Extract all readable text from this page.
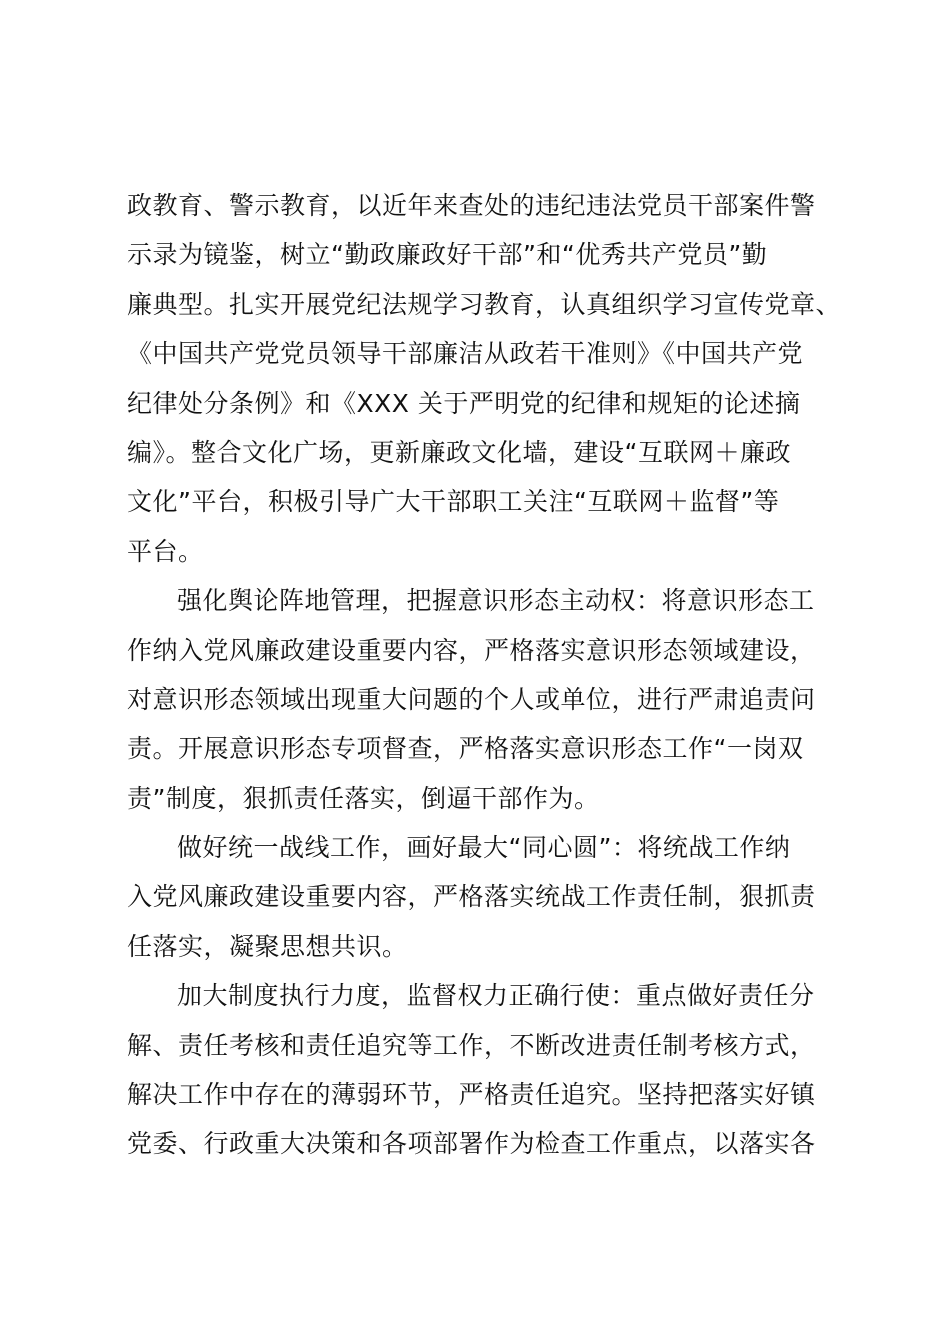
政教育、警示教育，以近年来查处的违纪违法党员干部案件警
示录为镜鉴，树立“勤政廉政好干部”和“优秀共产党员”勤
廉典型。扎实开展党纪法规学习教育，认真组织学习宣传党章、
《中国共产党党员领导干部廉洁从政若干准则》《中国共产党
纪律处分条例》和《XXX 关于严明党的纪律和规矩的论述摘
编》。整合文化广场，更新廉政文化墙，建设“互联网＋廉政
文化”平台，积极引导广大干部职工关注“互联网＋监督”等
平台。
强化舆论阵地管理，把握意识形态主动权：将意识形态工
作纳入党风廉政建设重要内容，严格落实意识形态领域建设，
对意识形态领域出现重大问题的个人或单位，进行严肃追责问
责。开展意识形态专项督查，严格落实意识形态工作“一岗双
责”制度，狠抓责任落实，倒逼干部作为。
做好统一战线工作，画好最大“同心圆”：将统战工作纳
入党风廉政建设重要内容，严格落实统战工作责任制，狠抓责
任落实，凝聚思想共识。
加大制度执行力度，监督权力正确行使：重点做好责任分
解、责任考核和责任追究等工作，不断改进责任制考核方式，
解决工作中存在的薄弱环节，严格责任追究。坚持把落实好镇
党委、行政重大决策和各项部署作为检查工作重点，以落实各
